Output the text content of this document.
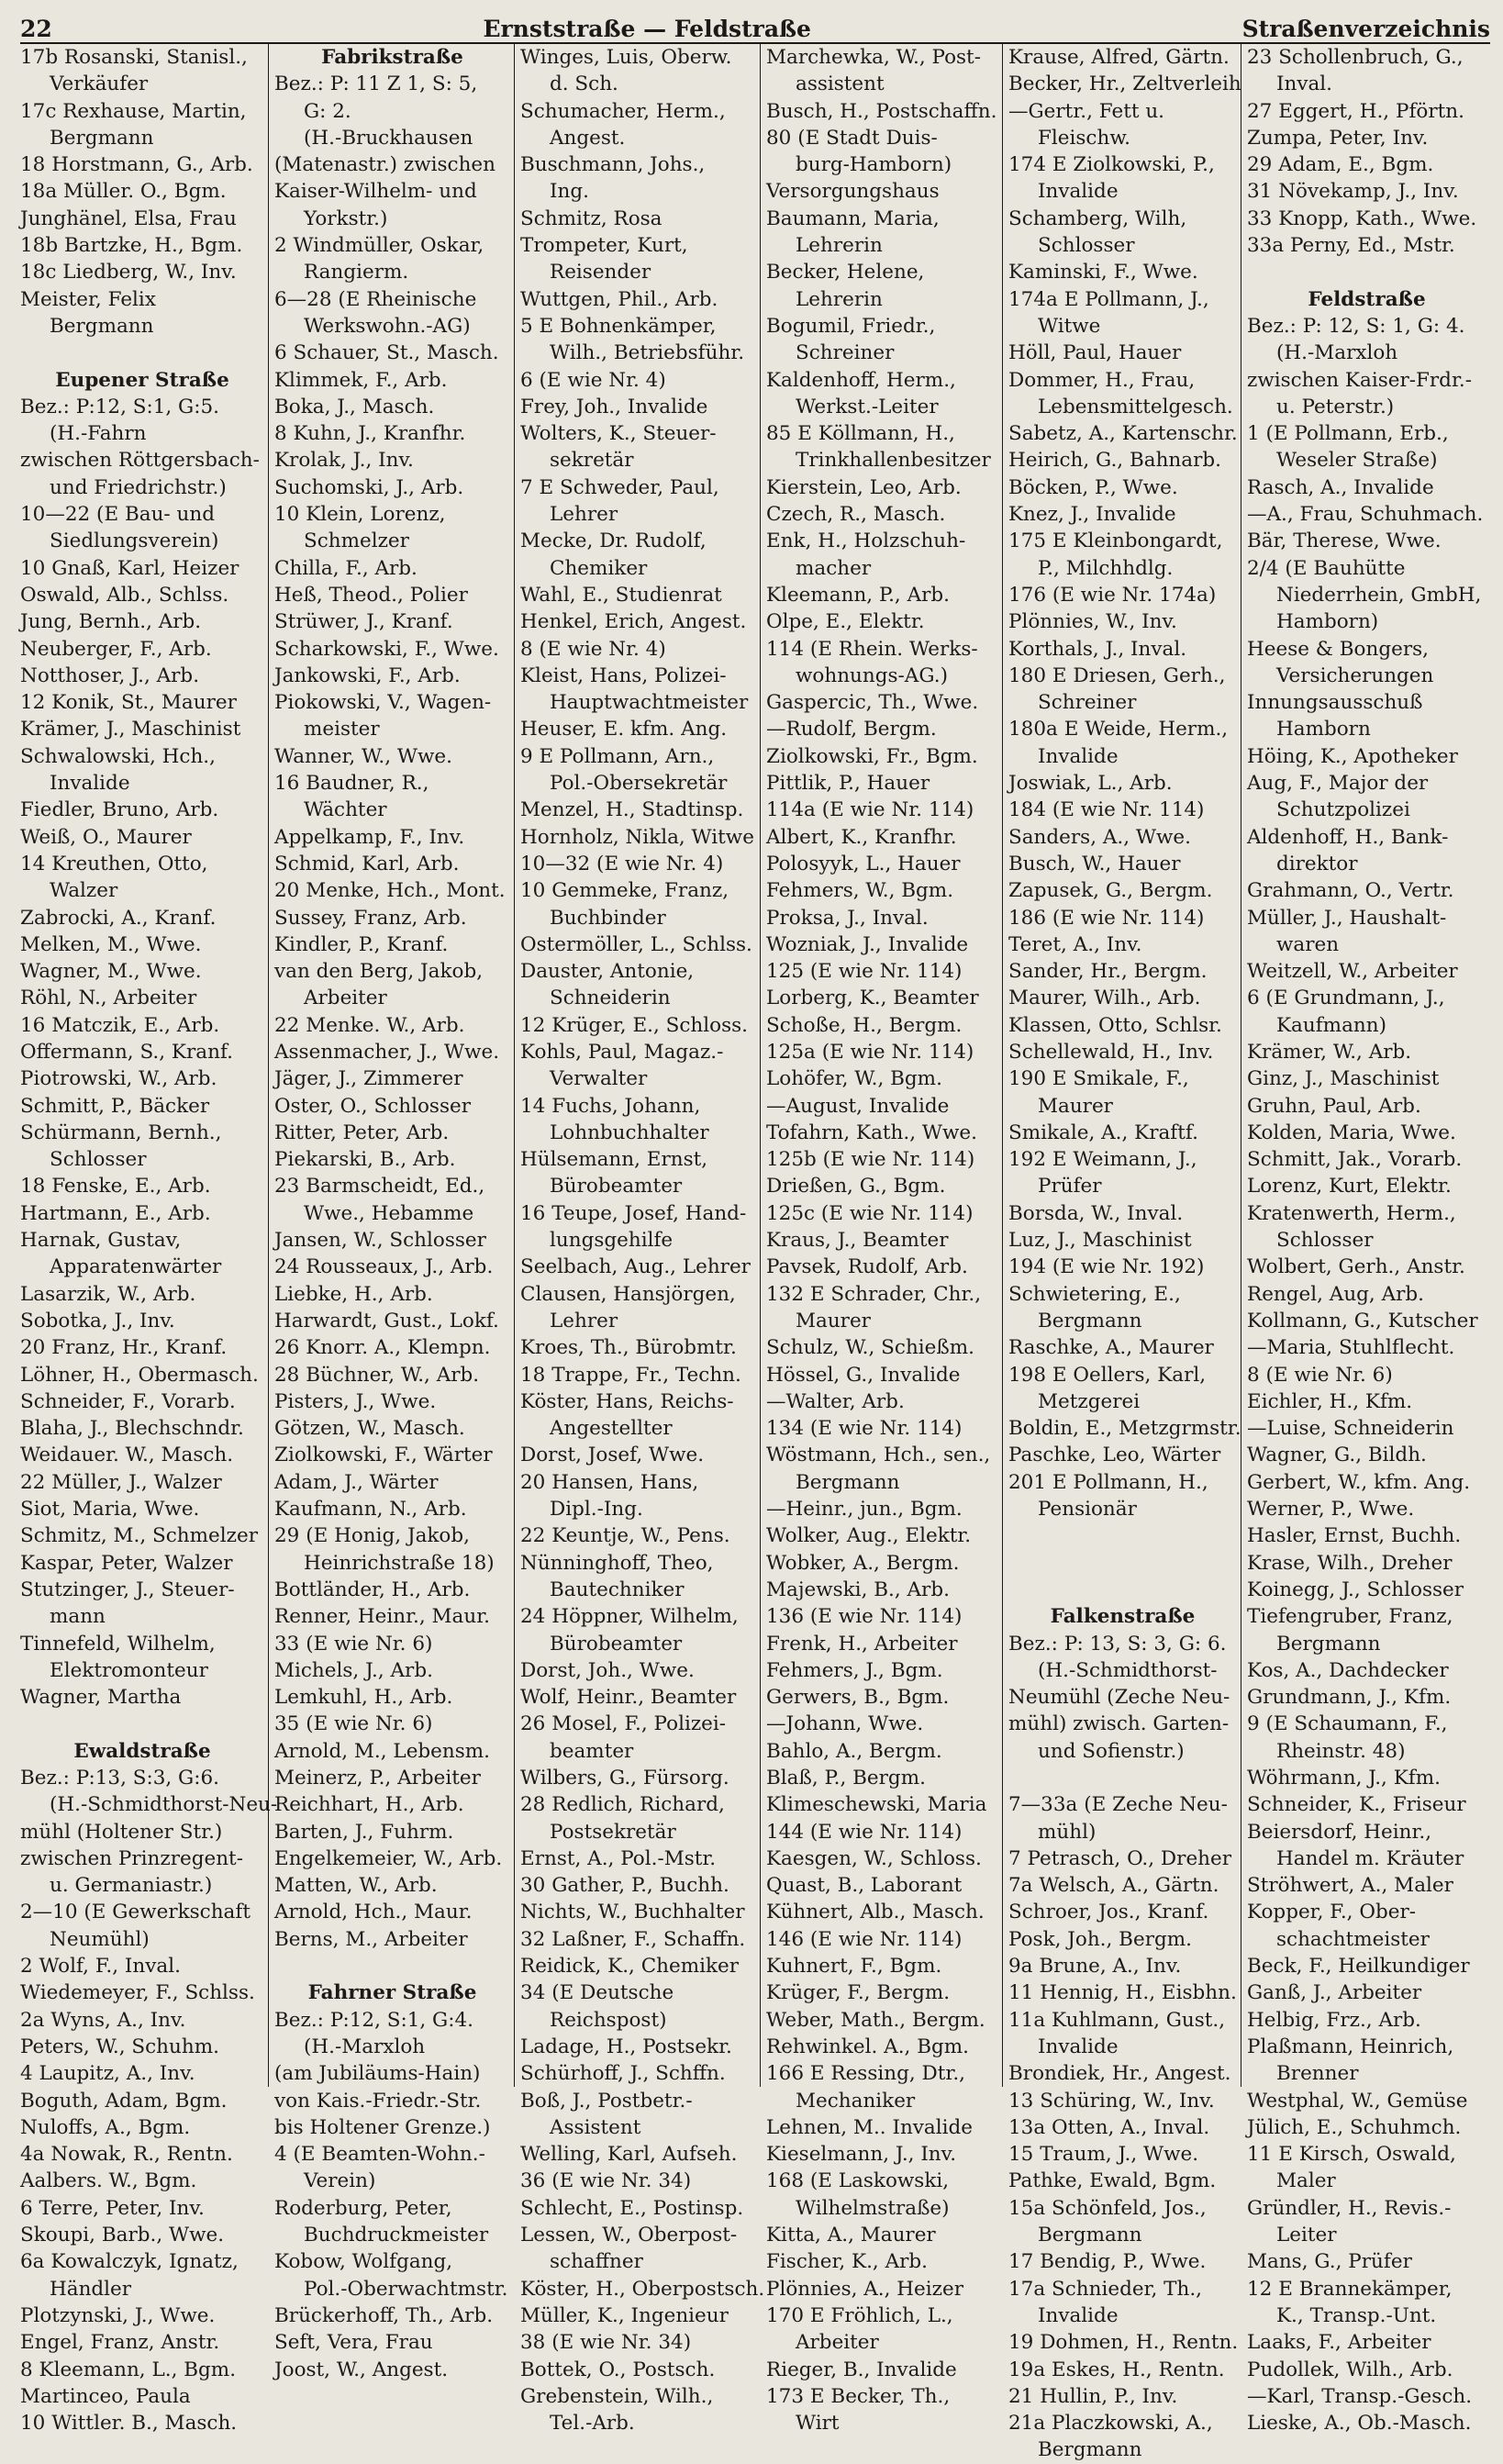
22	Ernststraße — Feldstraße	Straßenverzeichnis
17b Rosanski, Stanisl.,
Verkäufer
17c Rexhause, Martin,
Bergmann
18 Horstmann, G., Arb.
18a Müller. O., Bgm.
Junghänel, Elsa, Frau
18b Bartzke, H., Bgm.
18c Liedberg, W., Inv.
Meister, Felix
Bergmann
Eupener Straße
Bez.: P:12, S:1, G:5.
(H.-Fahrn
zwischen Röttgersbach-
und Friedrichstr.)
10—22 (E Bau- und
Siedlungsverein)
10 Gnaß, Karl, Heizer
Oswald, Alb., Schlss.
Jung, Bernh., Arb.
Neuberger, F., Arb.
Notthoser, J., Arb.
12 Konik, St., Maurer
Krämer, J., Maschinist
Schwalowski, Hch.,
Invalide
Fiedler, Bruno, Arb.
Weiß, O., Maurer
14 Kreuthen, Otto,
Walzer
Zabrocki, A., Kranf.
Melken, M., Wwe.
Wagner, M., Wwe.
Röhl, N., Arbeiter
16 Matczik, E., Arb.
Offermann, S., Kranf.
Piotrowski, W., Arb.
Schmitt, P., Bäcker
Schürmann, Bernh.,
Schlosser
18 Fenske, E., Arb.
Hartmann, E., Arb.
Harnak, Gustav,
Apparatenwärter
Lasarzik, W., Arb.
Sobotka, J., Inv.
20 Franz, Hr., Kranf.
Löhner, H., Obermasch.
Schneider, F., Vorarb.
Blaha, J., Blechschndr.
Weidauer. W., Masch.
22 Müller, J., Walzer
Siot, Maria, Wwe.
Schmitz, M., Schmelzer
Kaspar, Peter, Walzer
Stutzinger, J., Steuer-
mann
Tinnefeld, Wilhelm,
Elektromonteur
Wagner, Martha
Ewaldstraße
Bez.: P:13, S:3, G:6.
(H.-Schmidthorst-Neu-
mühl (Holtener Str.)
zwischen Prinzregent-
u. Germaniastr.)
2—10 (E Gewerkschaft
Neumühl)
2 Wolf, F., Inval.
Wiedemeyer, F., Schlss.
2a Wyns, A., Inv.
Peters, W., Schuhm.
4 Laupitz, A., Inv.
Boguth, Adam, Bgm.
Nuloffs, A., Bgm.
4a Nowak, R., Rentn.
Aalbers. W., Bgm.
6 Terre, Peter, Inv.
Skoupi, Barb., Wwe.
6a Kowalczyk, Ignatz,
Händler
Plotzynski, J., Wwe.
Engel, Franz, Anstr.
8 Kleemann, L., Bgm.
Martinceo, Paula
10 Wittler. B., Masch.
Fabrikstraße
Bez.: P: 11 Z 1, S: 5,
G: 2.
(H.-Bruckhausen
(Matenastr.) zwischen
Kaiser-Wilhelm- und
Yorkstr.)
2 Windmüller, Oskar,
Rangierm.
6—28 (E Rheinische
Werkswohn.-AG)
6 Schauer, St., Masch.
Klimmek, F., Arb.
Boka, J., Masch.
8 Kuhn, J., Kranfhr.
Krolak, J., Inv.
Suchomski, J., Arb.
10 Klein, Lorenz,
Schmelzer
Chilla, F., Arb.
Heß, Theod., Polier
Strüwer, J., Kranf.
Scharkowski, F., Wwe.
Jankowski, F., Arb.
Piokowski, V., Wagen-
meister
Wanner, W., Wwe.
16 Baudner, R.,
Wächter
Appelkamp, F., Inv.
Schmid, Karl, Arb.
20 Menke, Hch., Mont.
Sussey, Franz, Arb.
Kindler, P., Kranf.
van den Berg, Jakob,
Arbeiter
22 Menke. W., Arb.
Assenmacher, J., Wwe.
Jäger, J., Zimmerer
Oster, O., Schlosser
Ritter, Peter, Arb.
Piekarski, B., Arb.
23 Barmscheidt, Ed.,
Wwe., Hebamme
Jansen, W., Schlosser
24 Rousseaux, J., Arb.
Liebke, H., Arb.
Harwardt, Gust., Lokf.
26 Knorr. A., Klempn.
28 Büchner, W., Arb.
Pisters, J., Wwe.
Götzen, W., Masch.
Ziolkowski, F., Wärter
Adam, J., Wärter
Kaufmann, N., Arb.
29 (E Honig, Jakob,
Heinrichstraße 18)
Bottländer, H., Arb.
Renner, Heinr., Maur.
33 (E wie Nr. 6)
Michels, J., Arb.
Lemkuhl, H., Arb.
35 (E wie Nr. 6)
Arnold, M., Lebensm.
Meinerz, P., Arbeiter
Reichhart, H., Arb.
Barten, J., Fuhrm.
Engelkemeier, W., Arb.
Matten, W., Arb.
Arnold, Hch., Maur.
Berns, M., Arbeiter
Fahrner Straße
Bez.: P:12, S:1, G:4.
(H.-Marxloh
(am Jubiläums-Hain)
von Kais.-Friedr.-Str.
bis Holtener Grenze.)
4 (E Beamten-Wohn.-
Verein)
Roderburg, Peter,
Buchdruckmeister
Kobow, Wolfgang,
Pol.-Oberwachtmstr.
Brückerhoff, Th., Arb.
Seft, Vera, Frau
Joost, W., Angest.
Winges, Luis, Oberw.
d. Sch.
Schumacher, Herm.,
Angest.
Buschmann, Johs.,
Ing.
Schmitz, Rosa
Trompeter, Kurt,
Reisender
Wuttgen, Phil., Arb.
5 E Bohnenkämper,
Wilh., Betriebsführ.
6 (E wie Nr. 4)
Frey, Joh., Invalide
Wolters, K., Steuer-
sekretär
7 E Schweder, Paul,
Lehrer
Mecke, Dr. Rudolf,
Chemiker
Wahl, E., Studienrat
Henkel, Erich, Angest.
8 (E wie Nr. 4)
Kleist, Hans, Polizei-
Hauptwachtmeister
Heuser, E. kfm. Ang.
9 E Pollmann, Arn.,
Pol.-Obersekretär
Menzel, H., Stadtinsp.
Hornholz, Nikla, Witwe
10—32 (E wie Nr. 4)
10 Gemmeke, Franz,
Buchbinder
Ostermöller, L., Schlss.
Dauster, Antonie,
Schneiderin
12 Krüger, E., Schloss.
Kohls, Paul, Magaz.-
Verwalter
14 Fuchs, Johann,
Lohnbuchhalter
Hülsemann, Ernst,
Bürobeamter
16 Teupe, Josef, Hand-
lungsgehilfe
Seelbach, Aug., Lehrer
Clausen, Hansjörgen,
Lehrer
Kroes, Th., Bürobmtr.
18 Trappe, Fr., Techn.
Köster, Hans, Reichs-
Angestellter
Dorst, Josef, Wwe.
20 Hansen, Hans,
Dipl.-Ing.
22 Keuntje, W., Pens.
Nünninghoff, Theo,
Bautechniker
24 Höppner, Wilhelm,
Bürobeamter
Dorst, Joh., Wwe.
Wolf, Heinr., Beamter
26 Mosel, F., Polizei-
beamter
Wilbers, G., Fürsorg.
28 Redlich, Richard,
Postsekretär
Ernst, A., Pol.-Mstr.
30 Gather, P., Buchh.
Nichts, W., Buchhalter
32 Laßner, F., Schaffn.
Reidick, K., Chemiker
34 (E Deutsche
Reichspost)
Ladage, H., Postsekr.
Schürhoff, J., Schffn.
Boß, J., Postbetr.-
Assistent
Welling, Karl, Aufseh.
36 (E wie Nr. 34)
Schlecht, E., Postinsp.
Lessen, W., Oberpost-
schaffner
Köster, H., Oberpostsch.
Müller, K., Ingenieur
38 (E wie Nr. 34)
Bottek, O., Postsch.
Grebenstein, Wilh.,
Tel.-Arb.
Marchewka, W., Post-
assistent
Busch, H., Postschaffn.
80 (E Stadt Duis-
burg-Hamborn)
Versorgungshaus
Baumann, Maria,
Lehrerin
Becker, Helene,
Lehrerin
Bogumil, Friedr.,
Schreiner
Kaldenhoff, Herm.,
Werkst.-Leiter
85 E Köllmann, H.,
Trinkhallenbesitzer
Kierstein, Leo, Arb.
Czech, R., Masch.
Enk, H., Holzschuh-
macher
Kleemann, P., Arb.
Olpe, E., Elektr.
114 (E Rhein. Werks-
wohnungs-AG.)
Gaspercic, Th., Wwe.
—Rudolf, Bergm.
Ziolkowski, Fr., Bgm.
Pittlik, P., Hauer
114a (E wie Nr. 114)
Albert, K., Kranfhr.
Polosyyk, L., Hauer
Fehmers, W., Bgm.
Proksa, J., Inval.
Wozniak, J., Invalide
125 (E wie Nr. 114)
Lorberg, K., Beamter
Schoße, H., Bergm.
125a (E wie Nr. 114)
Lohöfer, W., Bgm.
—August, Invalide
Tofahrn, Kath., Wwe.
125b (E wie Nr. 114)
Drießen, G., Bgm.
125c (E wie Nr. 114)
Kraus, J., Beamter
Pavsek, Rudolf, Arb.
132 E Schrader, Chr.,
Maurer
Schulz, W., Schießm.
Hössel, G., Invalide
—Walter, Arb.
134 (E wie Nr. 114)
Wöstmann, Hch., sen.,
Bergmann
—Heinr., jun., Bgm.
Wolker, Aug., Elektr.
Wobker, A., Bergm.
Majewski, B., Arb.
136 (E wie Nr. 114)
Frenk, H., Arbeiter
Fehmers, J., Bgm.
Gerwers, B., Bgm.
—Johann, Wwe.
Bahlo, A., Bergm.
Blaß, P., Bergm.
Klimeschewski, Maria
144 (E wie Nr. 114)
Kaesgen, W., Schloss.
Quast, B., Laborant
Kühnert, Alb., Masch.
146 (E wie Nr. 114)
Kuhnert, F., Bgm.
Krüger, F., Bergm.
Weber, Math., Bergm.
Rehwinkel. A., Bgm.
166 E Ressing, Dtr.,
Mechaniker
Lehnen, M.. Invalide
Kieselmann, J., Inv.
168 (E Laskowski,
Wilhelmstraße)
Kitta, A., Maurer
Fischer, K., Arb.
Plönnies, A., Heizer
170 E Fröhlich, L.,
Arbeiter
Rieger, B., Invalide
173 E Becker, Th.,
Wirt
Krause, Alfred, Gärtn.
Becker, Hr., Zeltverleih
—Gertr., Fett u.
Fleischw.
174 E Ziolkowski, P.,
Invalide
Schamberg, Wilh,
Schlosser
Kaminski, F., Wwe.
174a E Pollmann, J.,
Witwe
Höll, Paul, Hauer
Dommer, H., Frau,
Lebensmittelgesch.
Sabetz, A., Kartenschr.
Heirich, G., Bahnarb.
Böcken, P., Wwe.
Knez, J., Invalide
175 E Kleinbongardt,
P., Milchhdlg.
176 (E wie Nr. 174a)
Plönnies, W., Inv.
Korthals, J., Inval.
180 E Driesen, Gerh.,
Schreiner
180a E Weide, Herm.,
Invalide
Joswiak, L., Arb.
184 (E wie Nr. 114)
Sanders, A., Wwe.
Busch, W., Hauer
Zapusek, G., Bergm.
186 (E wie Nr. 114)
Teret, A., Inv.
Sander, Hr., Bergm.
Maurer, Wilh., Arb.
Klassen, Otto, Schlsr.
Schellewald, H., Inv.
190 E Smikale, F.,
Maurer
Smikale, A., Kraftf.
192 E Weimann, J.,
Prüfer
Borsda, W., Inval.
Luz, J., Maschinist
194 (E wie Nr. 192)
Schwietering, E.,
Bergmann
Raschke, A., Maurer
198 E Oellers, Karl,
Metzgerei
Boldin, E., Metzgrmstr.
Paschke, Leo, Wärter
201 E Pollmann, H.,
Pensionär
Falkenstraße
Bez.: P: 13, S: 3, G: 6.
(H.-Schmidthorst-
Neumühl (Zeche Neu-
mühl) zwisch. Garten-
und Sofienstr.)
7—33a (E Zeche Neu-
mühl)
7 Petrasch, O., Dreher
7a Welsch, A., Gärtn.
Schroer, Jos., Kranf.
Posk, Joh., Bergm.
9a Brune, A., Inv.
11 Hennig, H., Eisbhn.
11a Kuhlmann, Gust.,
Invalide
Brondiek, Hr., Angest.
13 Schüring, W., Inv.
13a Otten, A., Inval.
15 Traum, J., Wwe.
Pathke, Ewald, Bgm.
15a Schönfeld, Jos.,
Bergmann
17 Bendig, P., Wwe.
17a Schnieder, Th.,
Invalide
19 Dohmen, H., Rentn.
19a Eskes, H., Rentn.
21 Hullin, P., Inv.
21a Placzkowski, A.,
Bergmann
23 Schollenbruch, G.,
Inval.
27 Eggert, H., Pförtn.
Zumpa, Peter, Inv.
29 Adam, E., Bgm.
31 Növekamp, J., Inv.
33 Knopp, Kath., Wwe.
33a Perny, Ed., Mstr.
Feldstraße
Bez.: P: 12, S: 1, G: 4.
(H.-Marxloh
zwischen Kaiser-Frdr.-
u. Peterstr.)
1 (E Pollmann, Erb.,
Weseler Straße)
Rasch, A., Invalide
—A., Frau, Schuhmach.
Bär, Therese, Wwe.
2/4 (E Bauhütte
Niederrhein, GmbH,
Hamborn)
Heese & Bongers,
Versicherungen
Innungsausschuß
Hamborn
Höing, K., Apotheker
Aug, F., Major der
Schutzpolizei
Aldenhoff, H., Bank-
direktor
Grahmann, O., Vertr.
Müller, J., Haushalt-
waren
Weitzell, W., Arbeiter
6 (E Grundmann, J.,
Kaufmann)
Krämer, W., Arb.
Ginz, J., Maschinist
Gruhn, Paul, Arb.
Kolden, Maria, Wwe.
Schmitt, Jak., Vorarb.
Lorenz, Kurt, Elektr.
Kratenwerth, Herm.,
Schlosser
Wolbert, Gerh., Anstr.
Rengel, Aug, Arb.
Kollmann, G., Kutscher
—Maria, Stuhlflecht.
8 (E wie Nr. 6)
Eichler, H., Kfm.
—Luise, Schneiderin
Wagner, G., Bildh.
Gerbert, W., kfm. Ang.
Werner, P., Wwe.
Hasler, Ernst, Buchh.
Krase, Wilh., Dreher
Koinegg, J., Schlosser
Tiefengruber, Franz,
Bergmann
Kos, A., Dachdecker
Grundmann, J., Kfm.
9 (E Schaumann, F.,
Rheinstr. 48)
Wöhrmann, J., Kfm.
Schneider, K., Friseur
Beiersdorf, Heinr.,
Handel m. Kräuter
Ströhwert, A., Maler
Kopper, F., Ober-
schachtmeister
Beck, F., Heilkundiger
Ganß, J., Arbeiter
Helbig, Frz., Arb.
Plaßmann, Heinrich,
Brenner
Westphal, W., Gemüse
Jülich, E., Schuhmch.
11 E Kirsch, Oswald,
Maler
Gründler, H., Revis.-
Leiter
Mans, G., Prüfer
12 E Brannekämper,
K., Transp.-Unt.
Laaks, F., Arbeiter
Pudollek, Wilh., Arb.
—Karl, Transp.-Gesch.
Lieske, A., Ob.-Masch.
